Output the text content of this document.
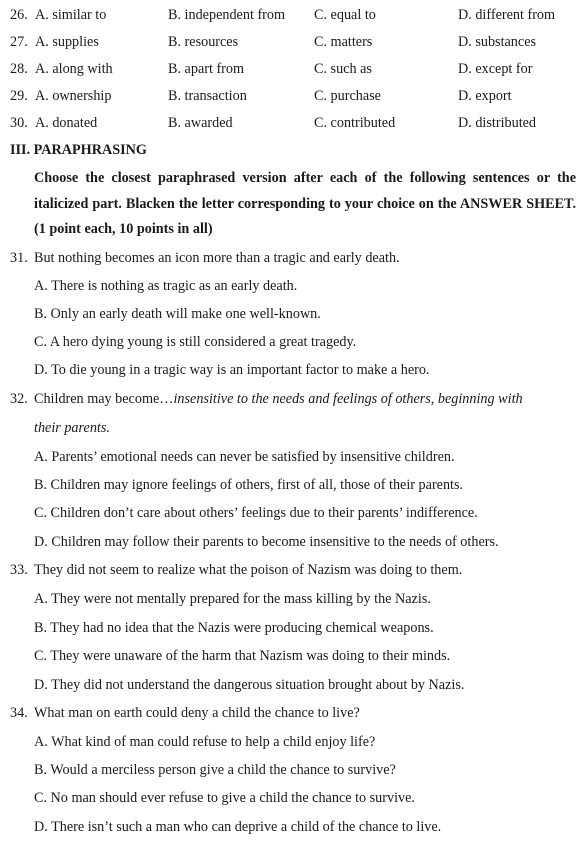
26. A. similar to	B. independent from C. equal to	D. different from
27. A. supplies	B. resources	C. matters	D. substances
28. A. along with	B. apart from	C. such as	D. except for
29. A. ownership	B. transaction	C. purchase	D. export
30. A. donated	B. awarded	C. contributed	D. distributed
III. PARAPHRASING
Choose the closest paraphrased version after each of the following sentences or the italicized part. Blacken the letter corresponding to your choice on the ANSWER SHEET. (1 point each, 10 points in all)
31. But nothing becomes an icon more than a tragic and early death.
A. There is nothing as tragic as an early death.
B. Only an early death will make one well-known.
C. A hero dying young is still considered a great tragedy.
D. To die young in a tragic way is an important factor to make a hero.
32. Children may become…insensitive to the needs and feelings of others, beginning with
their parents.
A. Parents’ emotional needs can never be satisfied by insensitive children.
B. Children may ignore feelings of others, first of all, those of their parents.
C. Children don’t care about others’ feelings due to their parents’ indifference.
D. Children may follow their parents to become insensitive to the needs of others.
33. They did not seem to realize what the poison of Nazism was doing to them.
A. They were not mentally prepared for the mass killing by the Nazis.
B. They had no idea that the Nazis were producing chemical weapons.
C. They were unaware of the harm that Nazism was doing to their minds.
D. They did not understand the dangerous situation brought about by Nazis.
34. What man on earth could deny a child the chance to live?
A. What kind of man could refuse to help a child enjoy life?
B. Would a merciless person give a child the chance to survive?
C. No man should ever refuse to give a child the chance to survive.
D. There isn’t such a man who can deprive a child of the chance to live.
